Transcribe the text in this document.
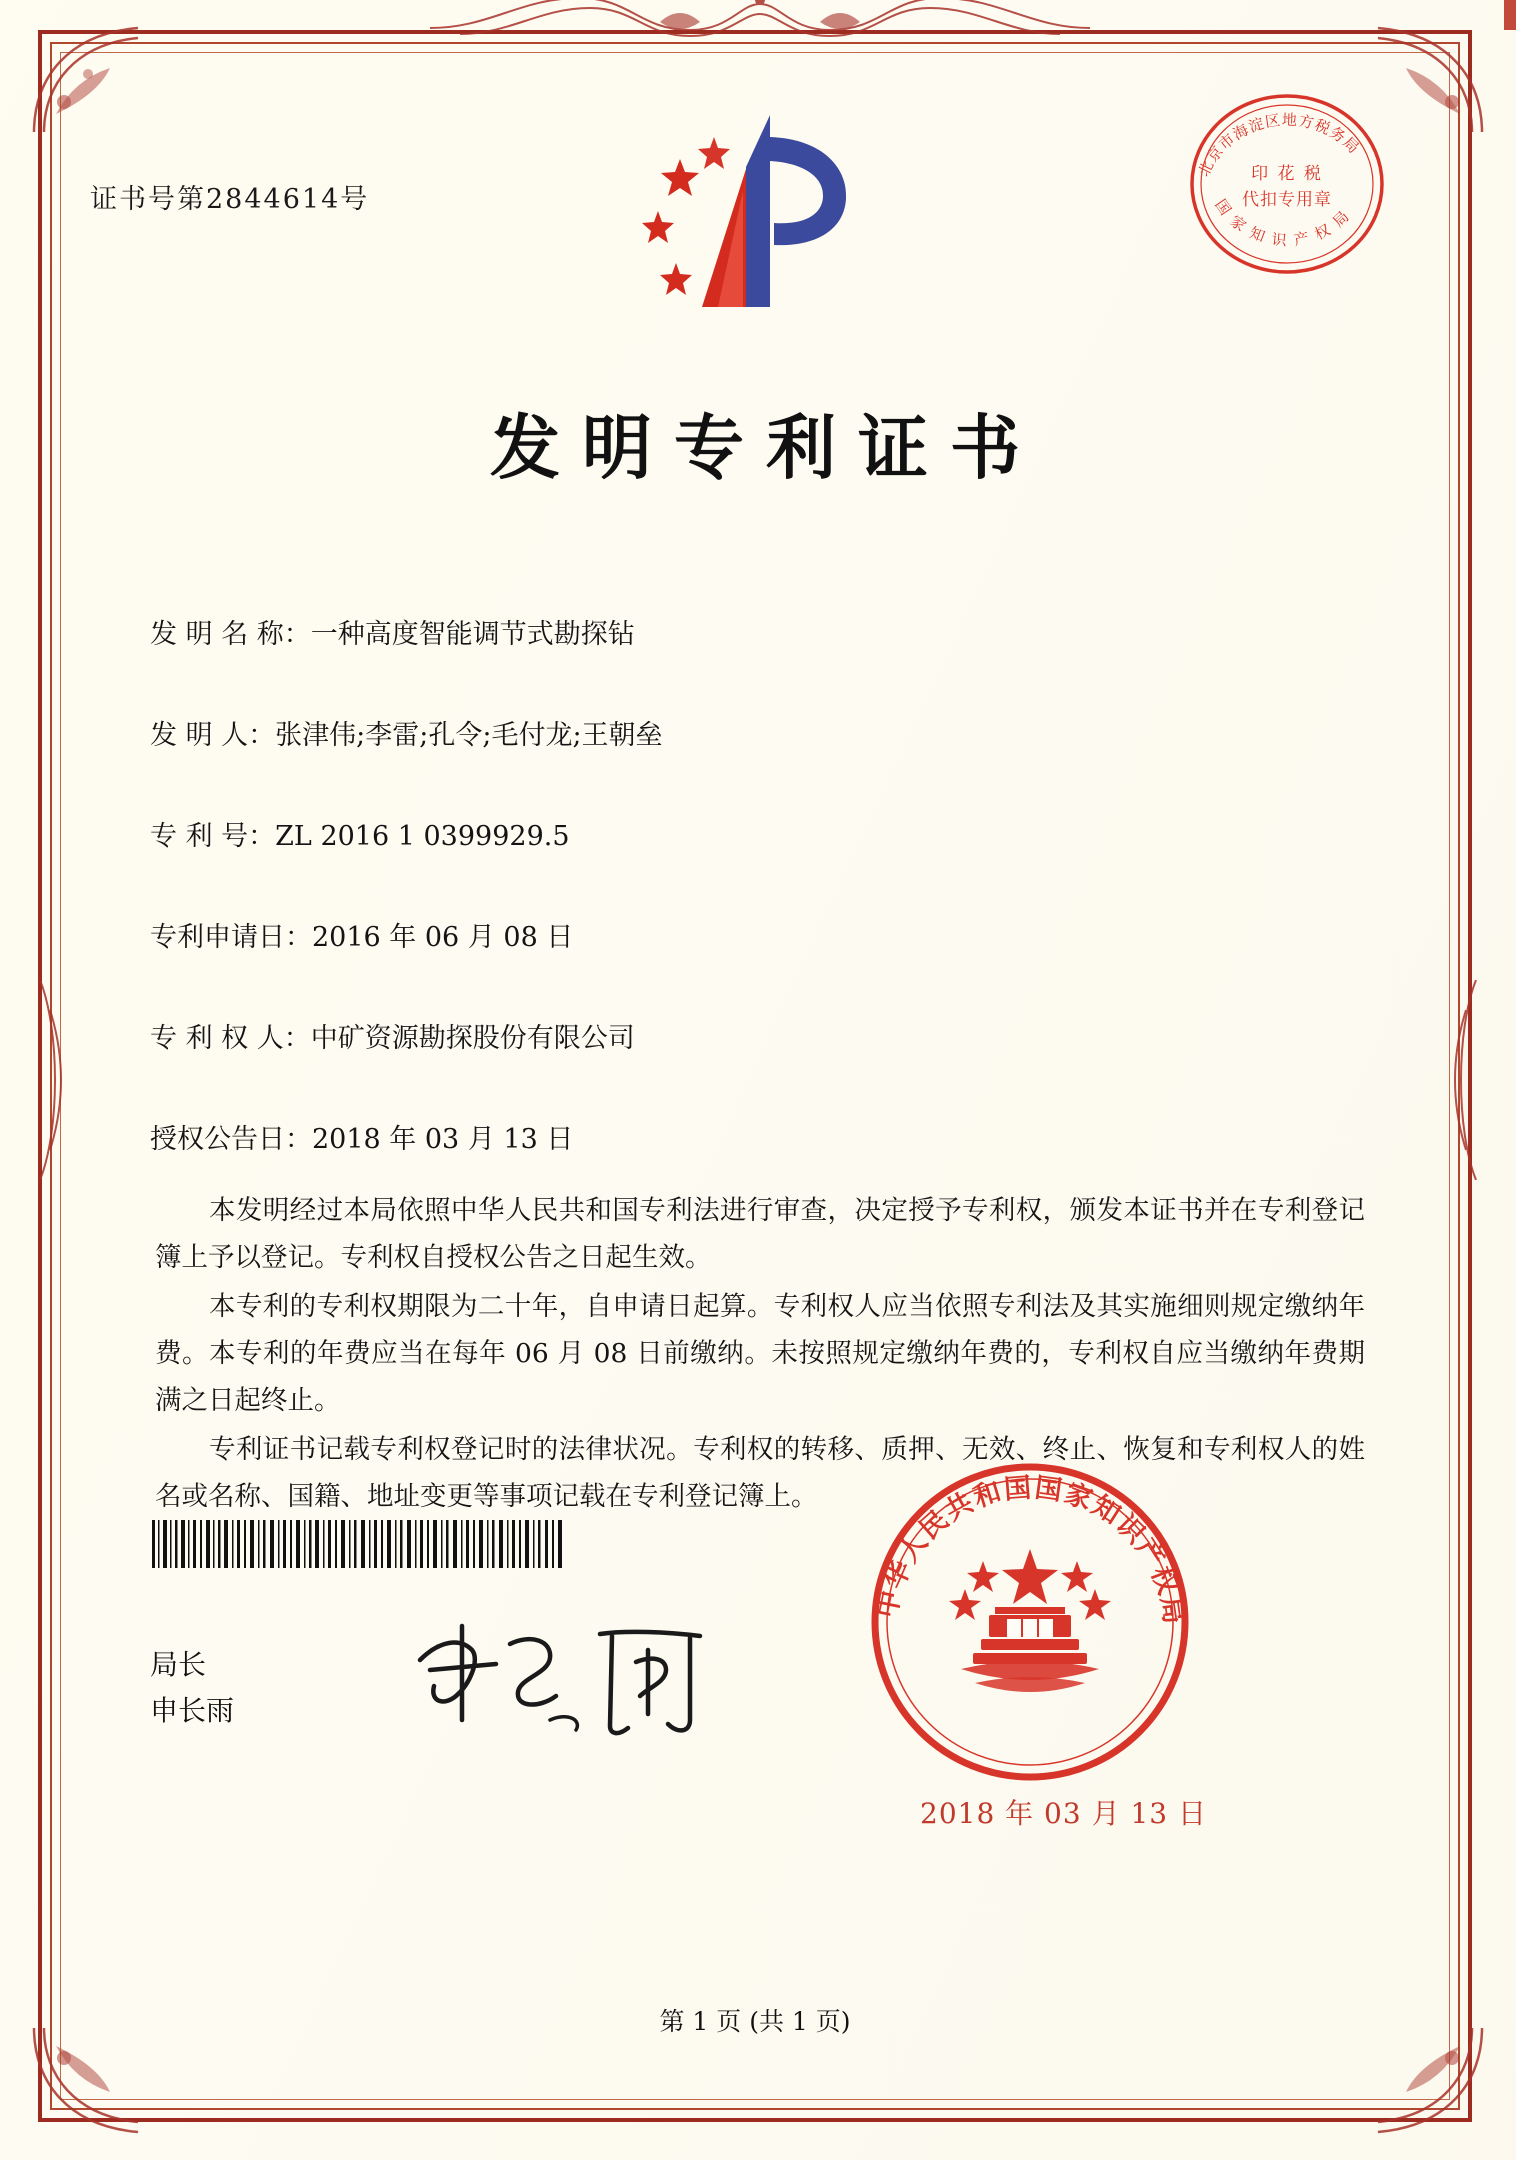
证书号第2844614号
北京市海淀区地方税务局
国 家 知 识 产 权 局
印 花 税
代扣专用章
发明专利证书
发 明 名 称：一种高度智能调节式勘探钻
发 明 人：张津伟;李雷;孔令;毛付龙;王朝垒
专 利 号：ZL 2016 1 0399929.5
专利申请日：2016 年 06 月 08 日
专 利 权 人：中矿资源勘探股份有限公司
授权公告日：2018 年 03 月 13 日

本发明经过本局依照中华人民共和国专利法进行审查，决定授予专利权，颁发本证书并在专利登记簿上予以登记。专利权自授权公告之日起生效。

本专利的专利权期限为二十年，自申请日起算。专利权人应当依照专利法及其实施细则规定缴纳年费。本专利的年费应当在每年 06 月 08 日前缴纳。未按照规定缴纳年费的，专利权自应当缴纳年费期满之日起终止。

专利证书记载专利权登记时的法律状况。专利权的转移、质押、无效、终止、恢复和专利权人的姓名或名称、国籍、地址变更等事项记载在专利登记簿上。

局长
申长雨
中华人民共和国国家知识产权局
2018 年 03 月 13 日
第 1 页 (共 1 页)
